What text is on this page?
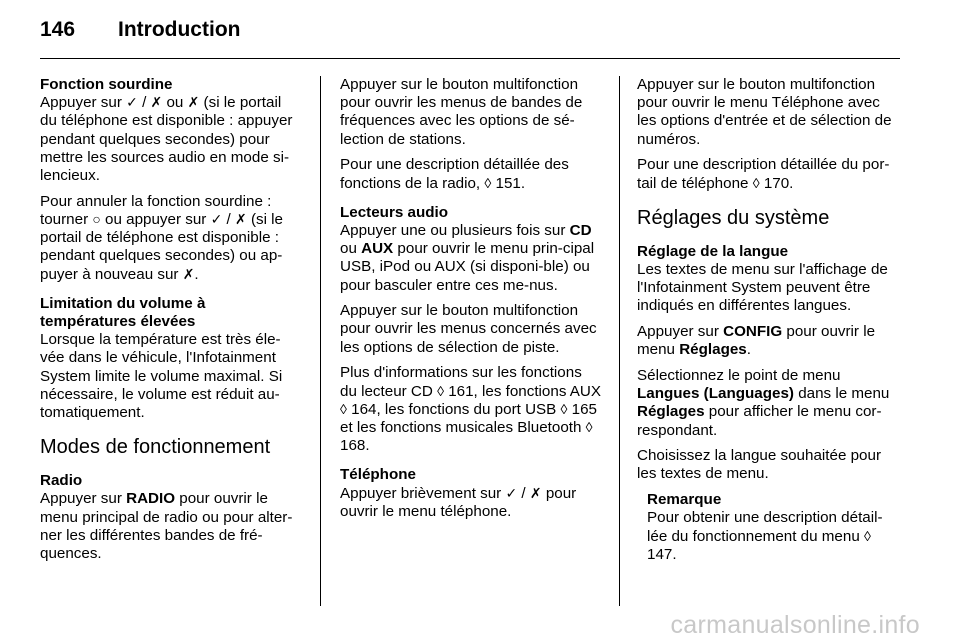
146 Introduction

Fonction sourdine

Appuyer sur ✓ / ✗ ou ✗ (si le portail du téléphone est disponible : appuyer pendant quelques secondes) pour mettre les sources audio en mode si-lencieux.

Pour annuler la fonction sourdine : tourner ○ ou appuyer sur ✓ / ✗ (si le portail de téléphone est disponible : pendant quelques secondes) ou ap-puyer à nouveau sur ✗.

Limitation du volume à températures élevées

Lorsque la température est très éle-vée dans le véhicule, l'Infotainment System limite le volume maximal. Si nécessaire, le volume est réduit au-tomatiquement.

Modes de fonctionnement

Radio

Appuyer sur RADIO pour ouvrir le menu principal de radio ou pour alter-ner les différentes bandes de fré-quences.

Appuyer sur le bouton multifonction pour ouvrir les menus de bandes de fréquences avec les options de sé-lection de stations.

Pour une description détaillée des fonctions de la radio, ◊ 151.

Lecteurs audio

Appuyer une ou plusieurs fois sur CD ou AUX pour ouvrir le menu prin-cipal USB, iPod ou AUX (si disponi-ble) ou pour basculer entre ces me-nus.

Appuyer sur le bouton multifonction pour ouvrir les menus concernés avec les options de sélection de piste.

Plus d'informations sur les fonctions du lecteur CD ◊ 161, les fonctions AUX ◊ 164, les fonctions du port USB ◊ 165 et les fonctions musicales Bluetooth ◊ 168.

Téléphone

Appuyer brièvement sur ✓ / ✗ pour ouvrir le menu téléphone.

Appuyer sur le bouton multifonction pour ouvrir le menu Téléphone avec les options d'entrée et de sélection de numéros.

Pour une description détaillée du por-tail de téléphone ◊ 170.

Réglages du système

Réglage de la langue

Les textes de menu sur l'affichage de l'Infotainment System peuvent être indiqués en différentes langues.

Appuyer sur CONFIG pour ouvrir le menu Réglages.

Sélectionnez le point de menu Langues (Languages) dans le menu Réglages pour afficher le menu cor-respondant.

Choisissez la langue souhaitée pour les textes de menu.

Remarque

Pour obtenir une description détail-lée du fonctionnement du menu ◊ 147.

carmanualsonline.info
